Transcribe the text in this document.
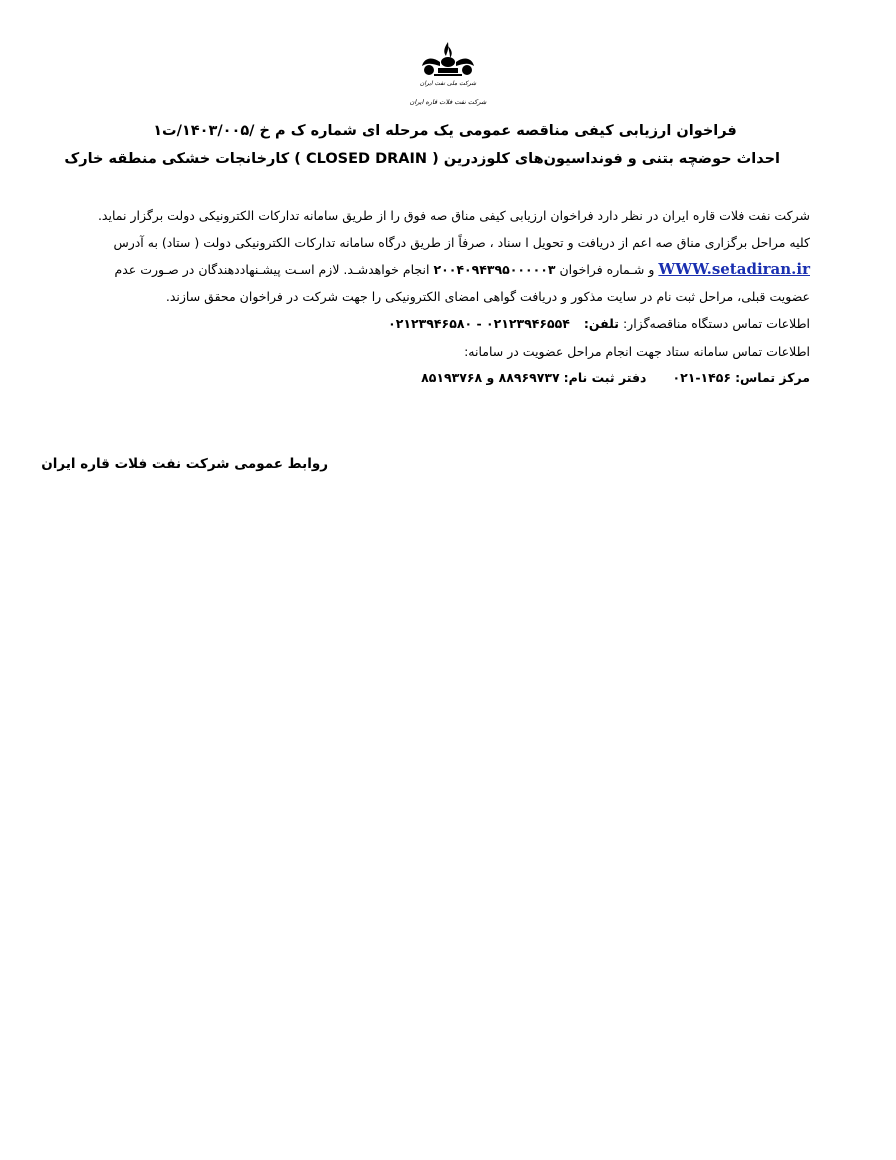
شرکت ملی نفت ایران
شرکت نفت فلات قاره ایران
فراخوان ارزیابی کیفی مناقصه عمومی یک مرحله ای شماره ک م خ /۱۴۰۳/۰۰۵/ت۱
احداث حوضچه بتنی و فونداسیون‌های کلوزدرین ( CLOSED DRAIN ) کارخانجات خشکی منطقه خارک
شرکت نفت فلات قاره ایران در نظر دارد فراخوان ارزیابی کیفی مناق صه فوق را از طریق سامانه تدارکات الکترونیکی دولت برگزار نماید.
کلیه مراحل برگزاری مناق صه اعم از دریافت و تحویل ا سناد ، صرفاً از طریق درگاه سامانه تدارکات الکترونیکی دولت ( ستاد) به آدرس
WWW.setadiran.ir و شـماره فراخوان ۲۰۰۴۰۹۴۳۹۵۰۰۰۰۰۳ انجام خواهدشـد. لازم اسـت پیشـنهاددهندگان در صـورت عدم
عضویت قبلی، مراحل ثبت نام در سایت مذکور و دریافت گواهی امضای الکترونیکی را جهت شرکت در فراخوان محقق سازند.
اطلاعات تماس دستگاه مناقصه‌گزار: تلفن: ۰۲۱۲۳۹۴۶۵۵۴ - ۰۲۱۲۳۹۴۶۵۸۰
اطلاعات تماس سامانه ستاد جهت انجام مراحل عضویت در سامانه:
مرکز تماس:۱۴۵۶-۰۲۱دفتر ثبت نام:۸۸۹۶۹۷۳۷ و ۸۵۱۹۳۷۶۸
روابط عمومی شرکت نفت فلات قاره ایران
